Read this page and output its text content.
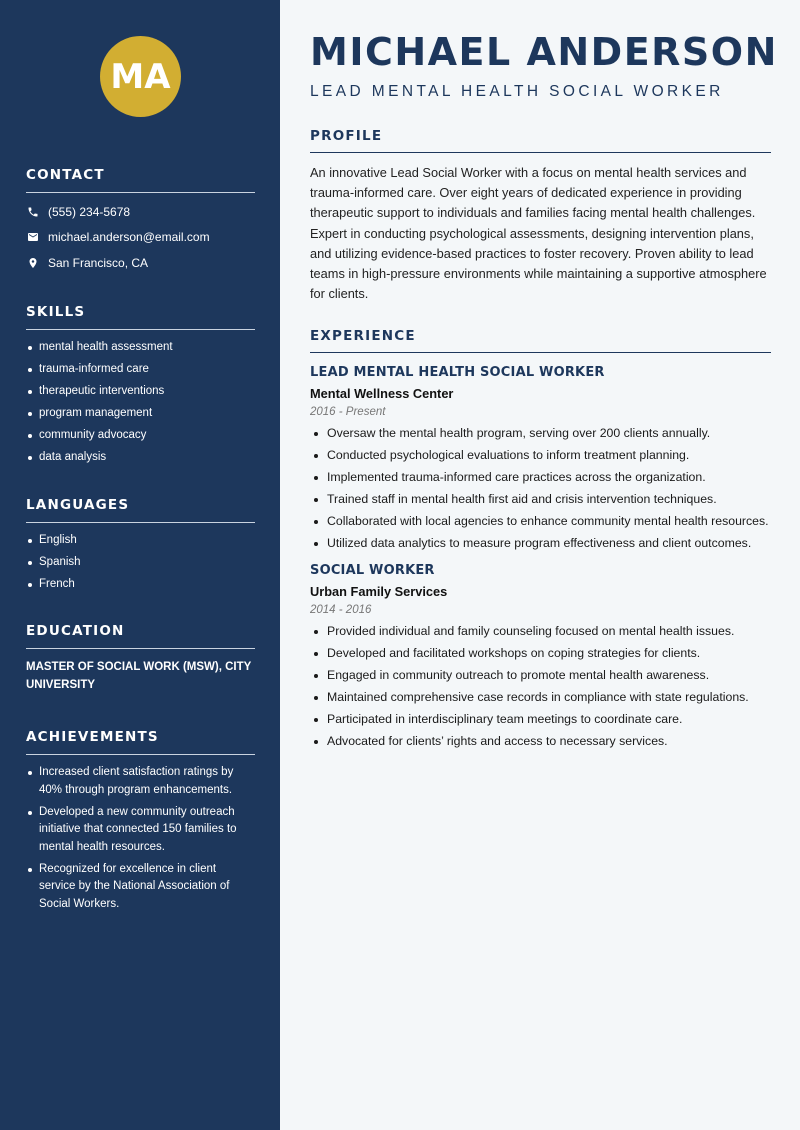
MA
CONTACT
(555) 234-5678
michael.anderson@email.com
San Francisco, CA
SKILLS
mental health assessment
trauma-informed care
therapeutic interventions
program management
community advocacy
data analysis
LANGUAGES
English
Spanish
French
EDUCATION
MASTER OF SOCIAL WORK (MSW), CITY UNIVERSITY
ACHIEVEMENTS
Increased client satisfaction ratings by 40% through program enhancements.
Developed a new community outreach initiative that connected 150 families to mental health resources.
Recognized for excellence in client service by the National Association of Social Workers.
MICHAEL ANDERSON
LEAD MENTAL HEALTH SOCIAL WORKER
PROFILE
An innovative Lead Social Worker with a focus on mental health services and trauma-informed care. Over eight years of dedicated experience in providing therapeutic support to individuals and families facing mental health challenges. Expert in conducting psychological assessments, designing intervention plans, and utilizing evidence-based practices to foster recovery. Proven ability to lead teams in high-pressure environments while maintaining a supportive atmosphere for clients.
EXPERIENCE
LEAD MENTAL HEALTH SOCIAL WORKER
Mental Wellness Center
2016 - Present
Oversaw the mental health program, serving over 200 clients annually.
Conducted psychological evaluations to inform treatment planning.
Implemented trauma-informed care practices across the organization.
Trained staff in mental health first aid and crisis intervention techniques.
Collaborated with local agencies to enhance community mental health resources.
Utilized data analytics to measure program effectiveness and client outcomes.
SOCIAL WORKER
Urban Family Services
2014 - 2016
Provided individual and family counseling focused on mental health issues.
Developed and facilitated workshops on coping strategies for clients.
Engaged in community outreach to promote mental health awareness.
Maintained comprehensive case records in compliance with state regulations.
Participated in interdisciplinary team meetings to coordinate care.
Advocated for clients’ rights and access to necessary services.
